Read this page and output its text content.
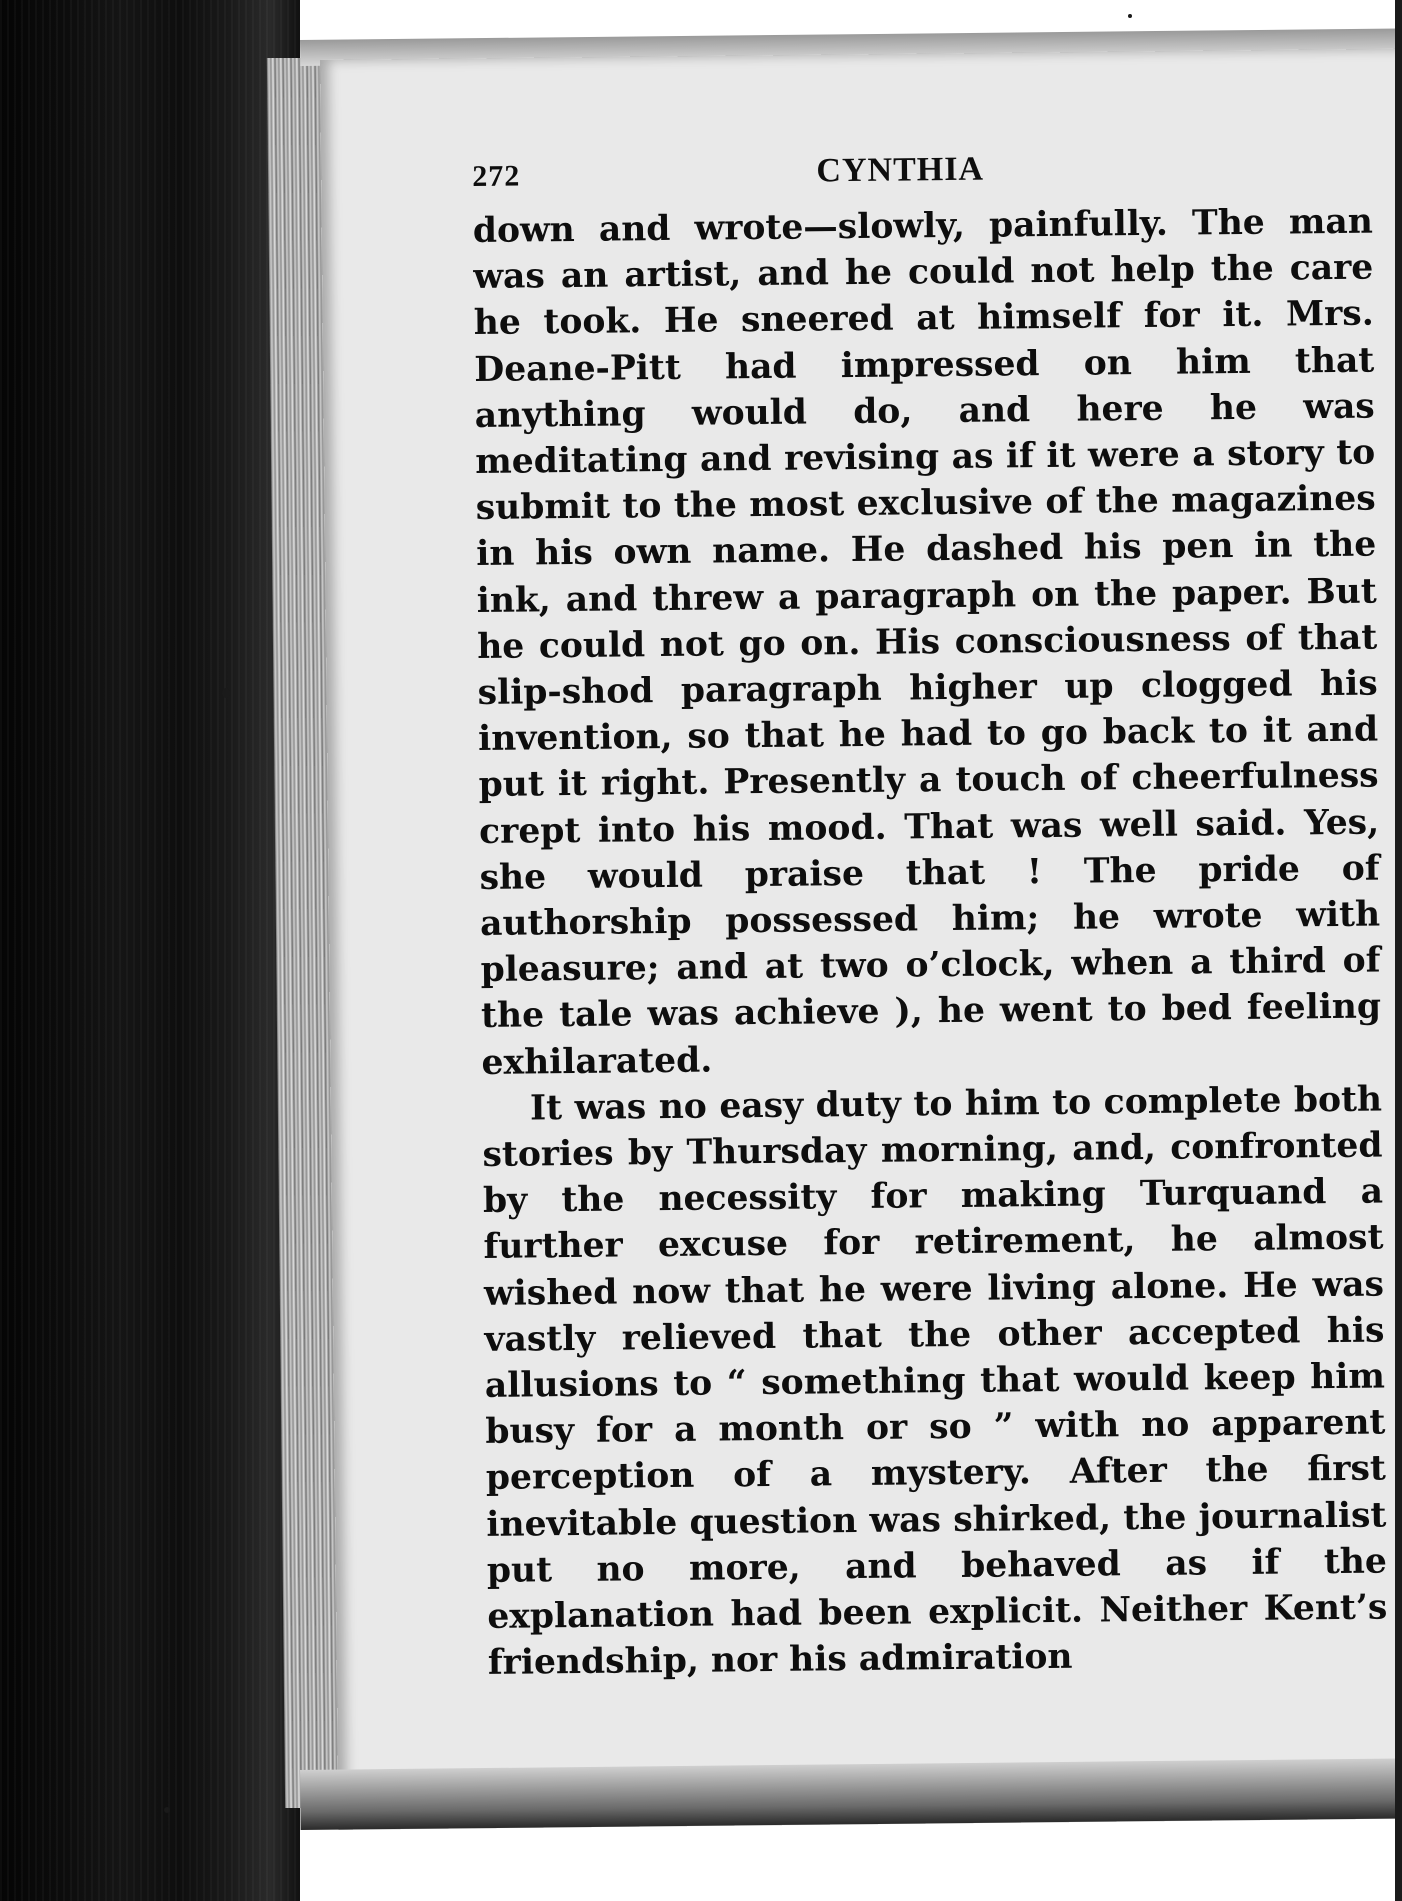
272	CYNTHIA

down and wrote—slowly, painfully. The man was an artist, and he could not help the care he took. He sneered at himself for it. Mrs. Deane-Pitt had impressed on him that anything would do, and here he was meditating and revising as if it were a story to submit to the most exclusive of the magazines in his own name. He dashed his pen in the ink, and threw a paragraph on the paper. But he could not go on. His consciousness of that slip-shod paragraph higher up clogged his invention, so that he had to go back to it and put it right. Presently a touch of cheerfulness crept into his mood. That was well said. Yes, she would praise that ! The pride of authorship possessed him; he wrote with pleasure; and at two o’clock, when a third of the tale was achieve ), he went to bed feeling exhilarated.

It was no easy duty to him to complete both stories by Thursday morning, and, confronted by the necessity for making Turquand a further excuse for retirement, he almost wished now that he were living alone. He was vastly relieved that the other accepted his allusions to “ something that would keep him busy for a month or so ” with no apparent perception of a mystery. After the first inevitable question was shirked, the journalist put no more, and behaved as if the explanation had been explicit. Neither Kent’s friendship, nor his admiration
